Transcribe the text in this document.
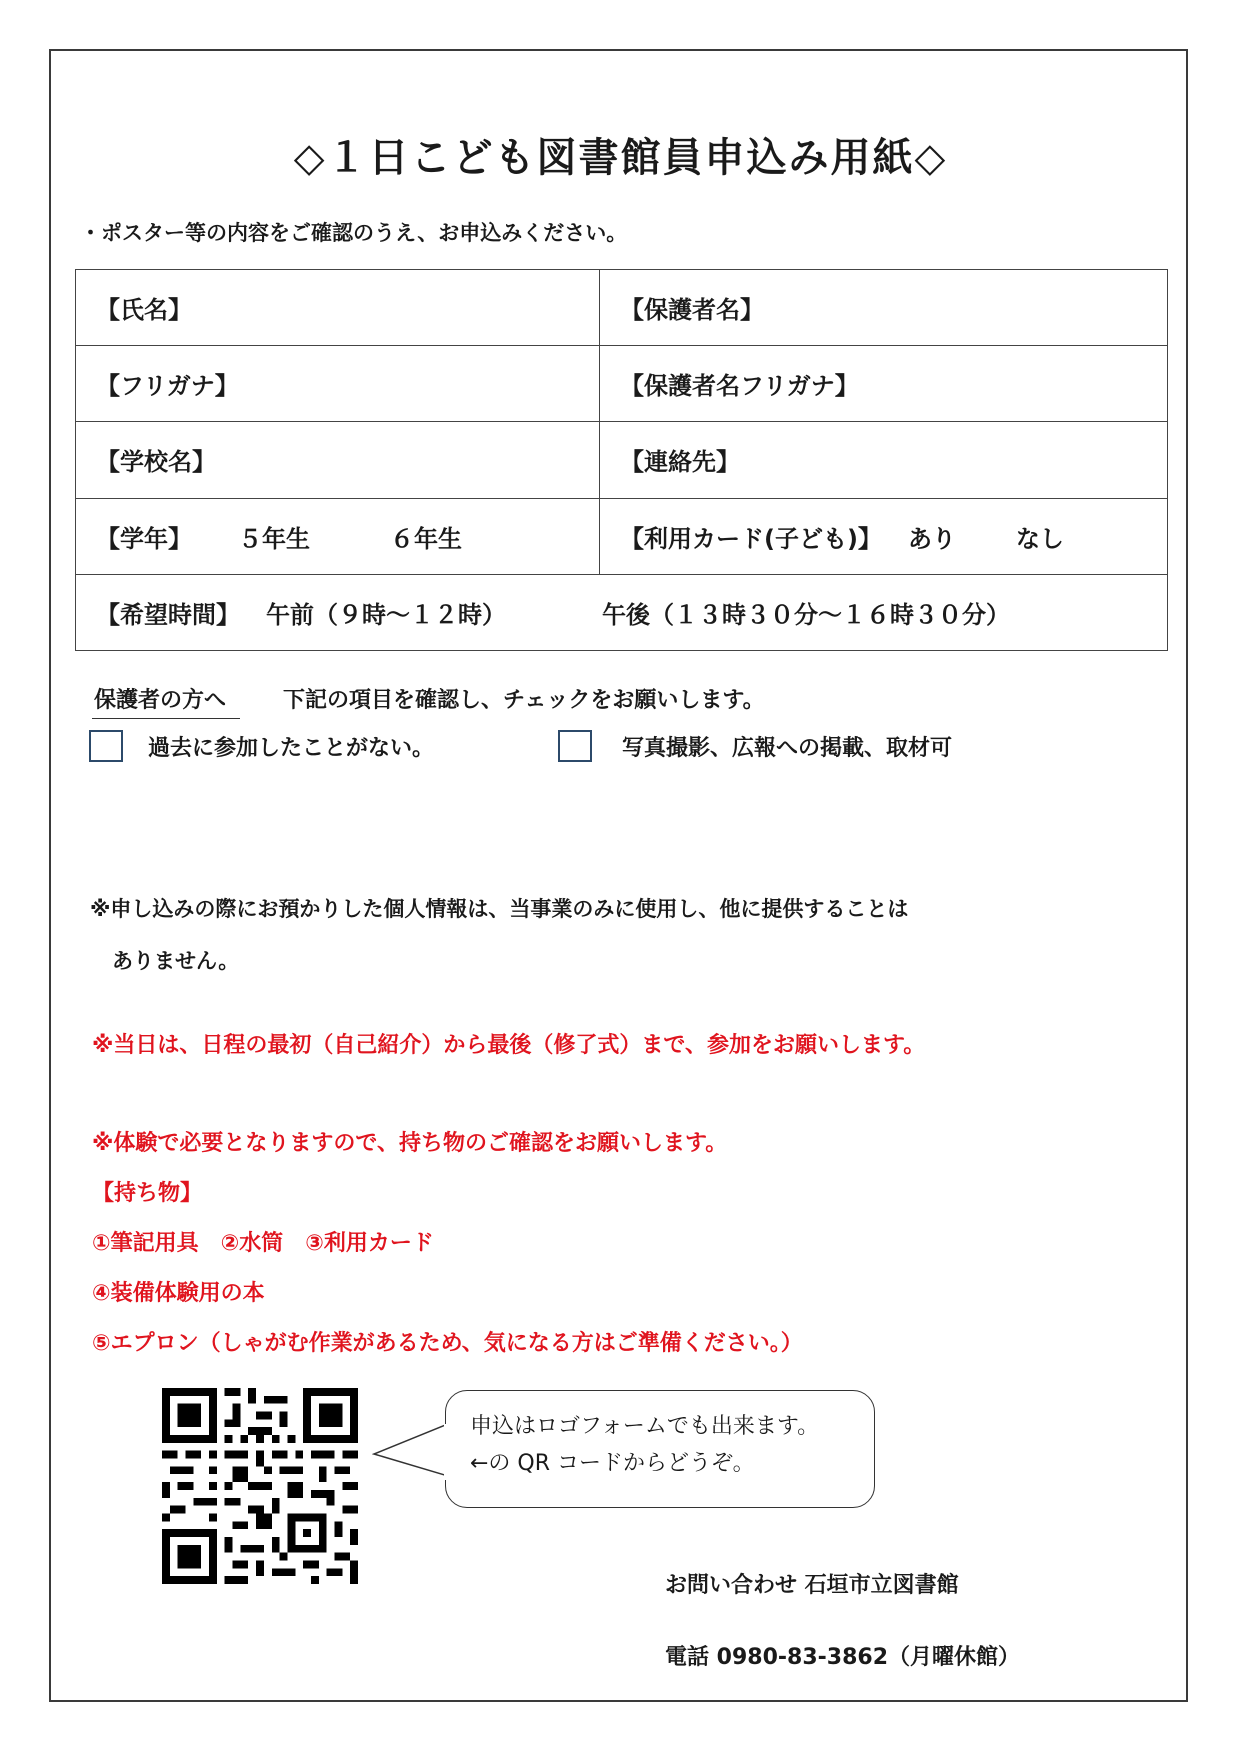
◇１日こども図書館員申込み用紙◇
・ポスター等の内容をご確認のうえ、お申込みください。
【氏名】	【保護者名】
【フリガナ】	【保護者名フリガナ】
【学校名】	【連絡先】
【学年】 ５年生 ６年生	【利用カード(子ども)】 あり なし
【希望時間】 午前（９時～１２時） 午後（１３時３０分～１６時３０分）	
保護者の方へ	下記の項目を確認し、チェックをお願いします。
過去に参加したことがない。	写真撮影、広報への掲載、取材可
※申し込みの際にお預かりした個人情報は、当事業のみに使用し、他に提供することは
ありません。
※当日は、日程の最初（自己紹介）から最後（修了式）まで、参加をお願いします。
※体験で必要となりますので、持ち物のご確認をお願いします。
【持ち物】
①筆記用具　②水筒　③利用カード
④装備体験用の本
⑤エプロン（しゃがむ作業があるため、気になる方はご準備ください。）
申込はロゴフォームでも出来ます。
←の QR コードからどうぞ。
お問い合わせ 石垣市立図書館
電話 0980-83-3862（月曜休館）
